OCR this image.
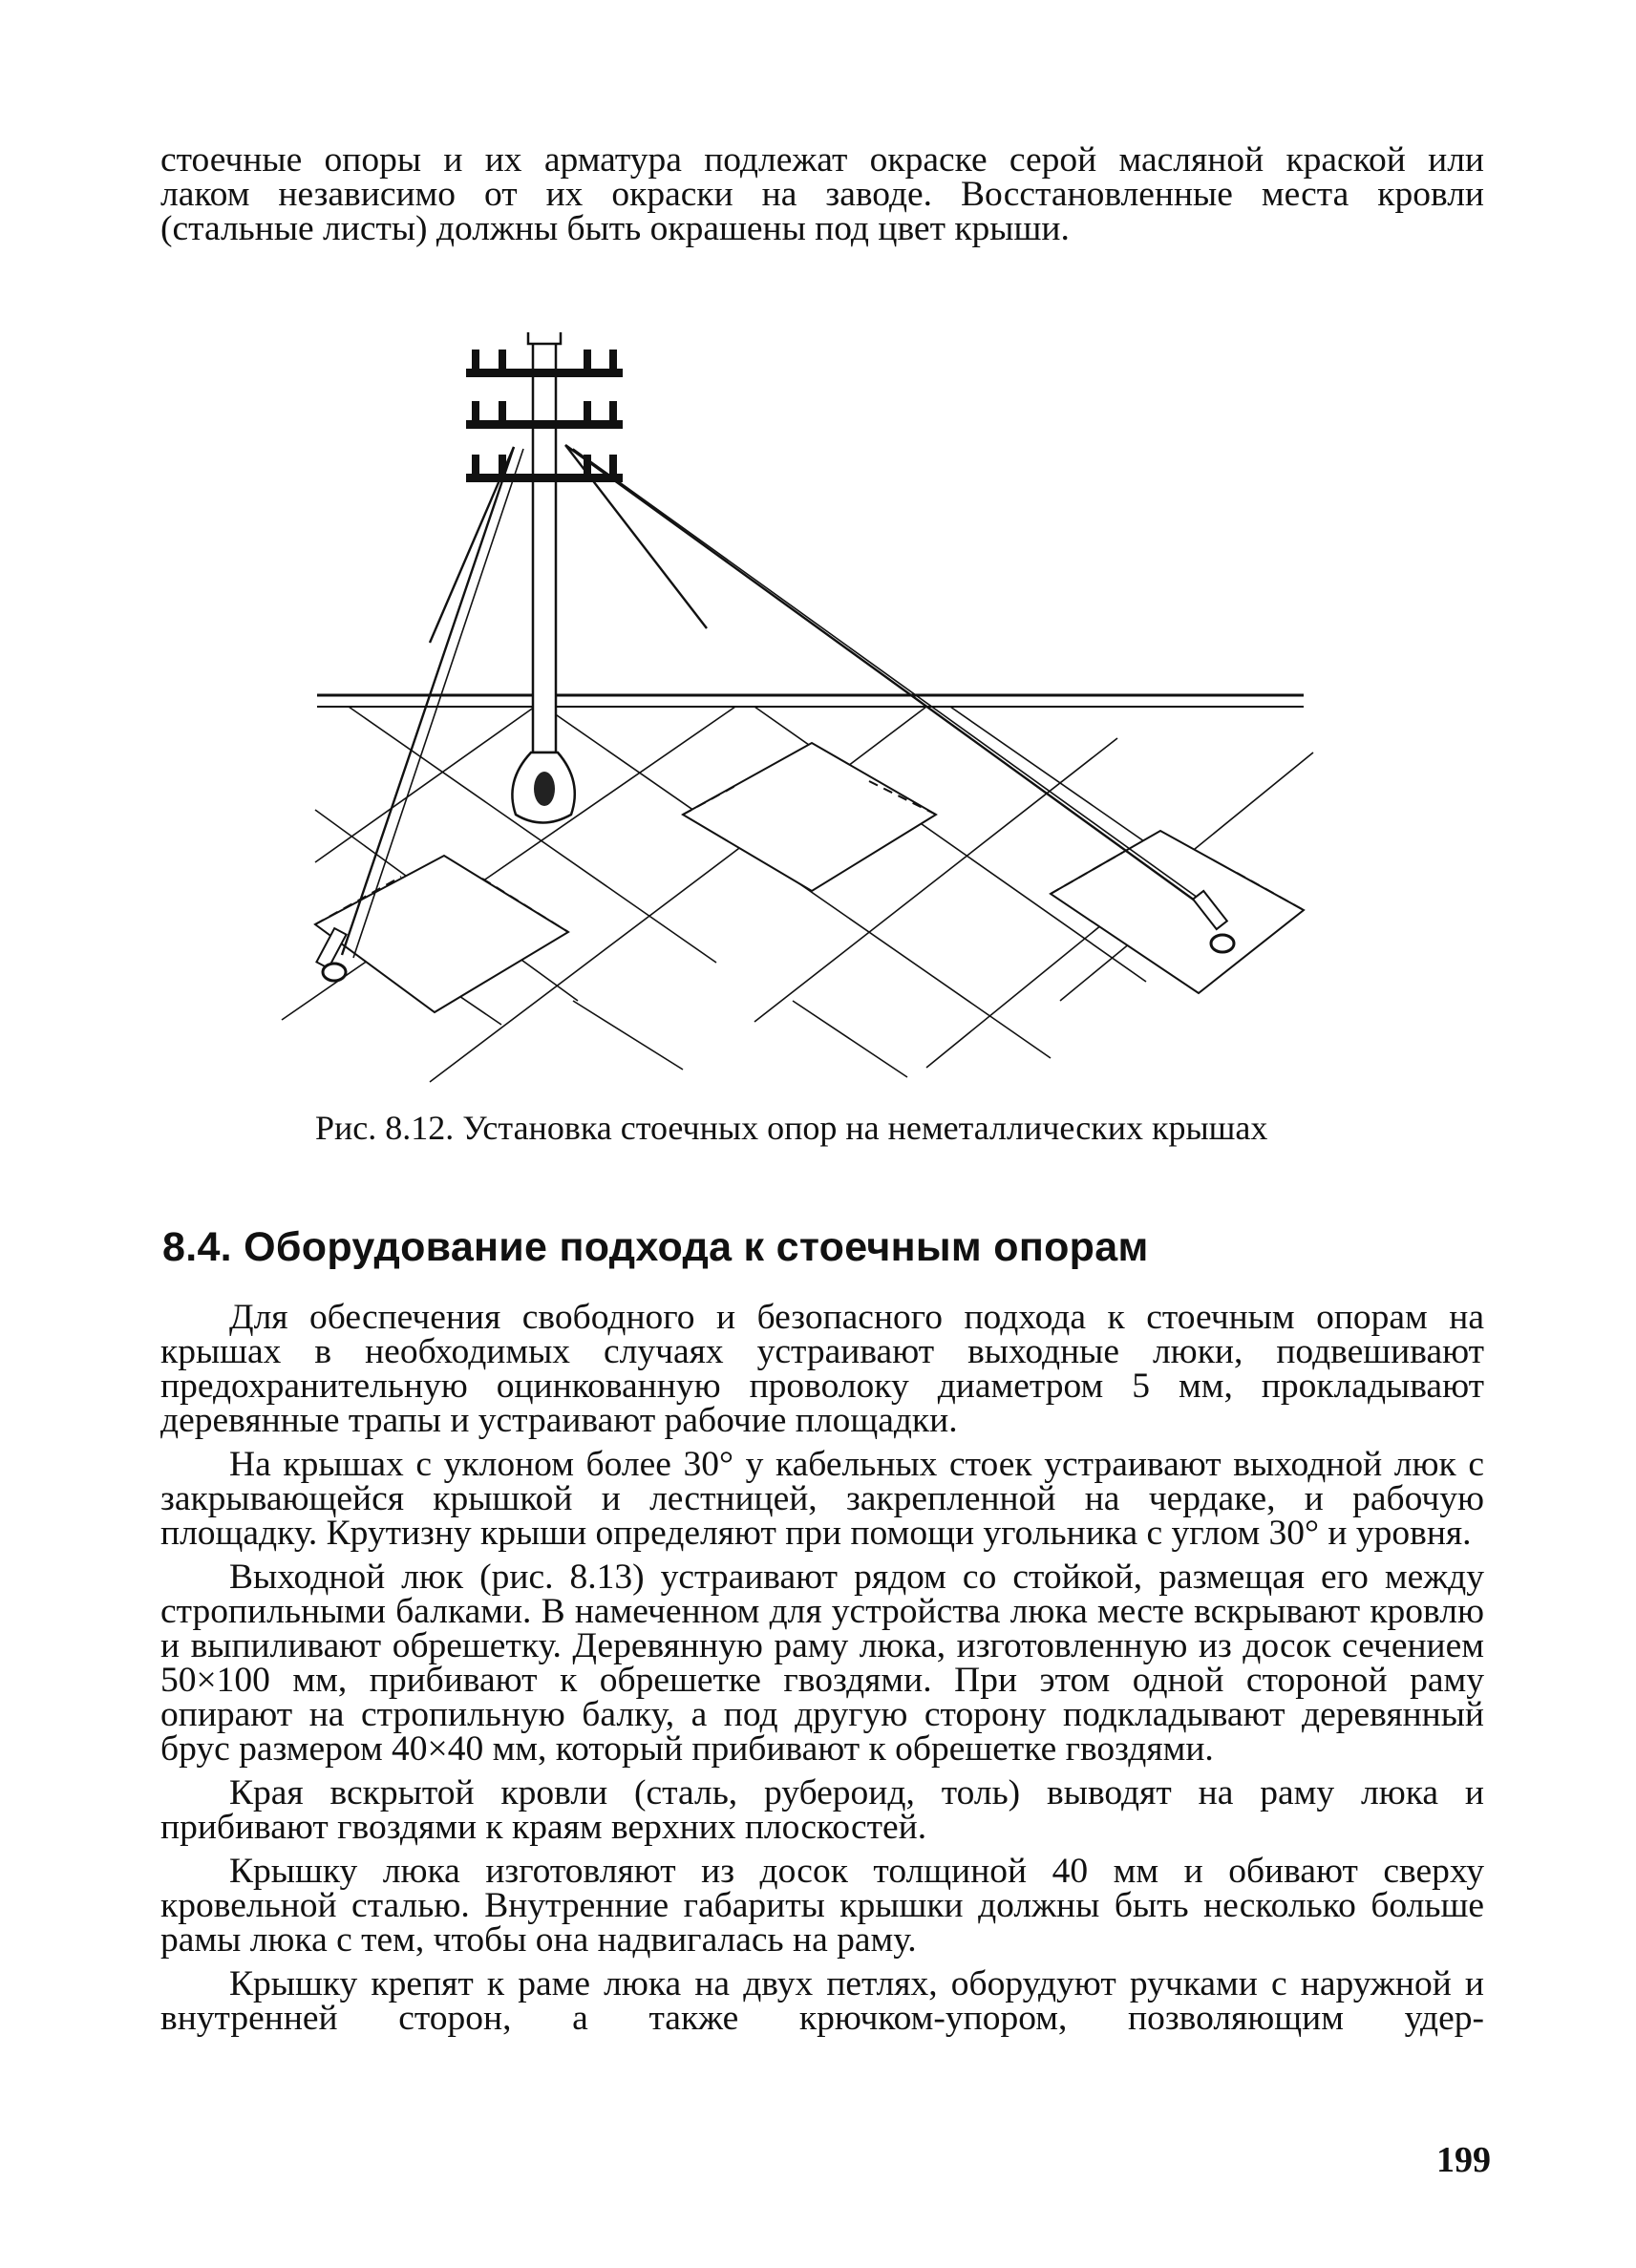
стоечные опоры и их арматура подлежат окраске серой масляной краской или

лаком независимо от их окраски на заводе. Восстановленные места кровли

(стальные листы) должны быть окрашены под цвет крыши.

Рис. 8.12. Установка стоечных опор на неметаллических крышах
8.4. Оборудование подхода к стоечным опорам

Для обеспечения свободного и безопасного подхода к стоечным опорам на крышах в необходимых случаях устраивают выходные люки, подвешивают предохранительную оцинкованную проволоку диаметром 5 мм, прокладывают деревянные трапы и устраивают рабочие площадки.

На крышах с уклоном более 30° у кабельных стоек устраивают выходной люк с закрывающейся крышкой и лестницей, закрепленной на чердаке, и рабочую площадку. Крутизну крыши определяют при помощи угольника с углом 30° и уровня.

Выходной люк (рис. 8.13) устраивают рядом со стойкой, размещая его между стропильными балками. В намеченном для устройства люка месте вскрывают кровлю и выпиливают обрешетку. Деревянную раму люка, изготовленную из досок сечением 50×100 мм, прибивают к обрешетке гвоздями. При этом одной стороной раму опирают на стропильную балку, а под другую сторону подкладывают деревянный брус размером 40×40 мм, который прибивают к обрешетке гвоздями.

Края вскрытой кровли (сталь, рубероид, толь) выводят на раму люка и прибивают гвоздями к краям верхних плоскостей.

Крышку люка изготовляют из досок толщиной 40 мм и обивают сверху кровельной сталью. Внутренние габариты крышки должны быть несколько больше рамы люка с тем, чтобы она надвигалась на раму.

Крышку крепят к раме люка на двух петлях, оборудуют ручками с наружной и внутренней сторон, а также крючком-упором, позволяющим удер-

199
